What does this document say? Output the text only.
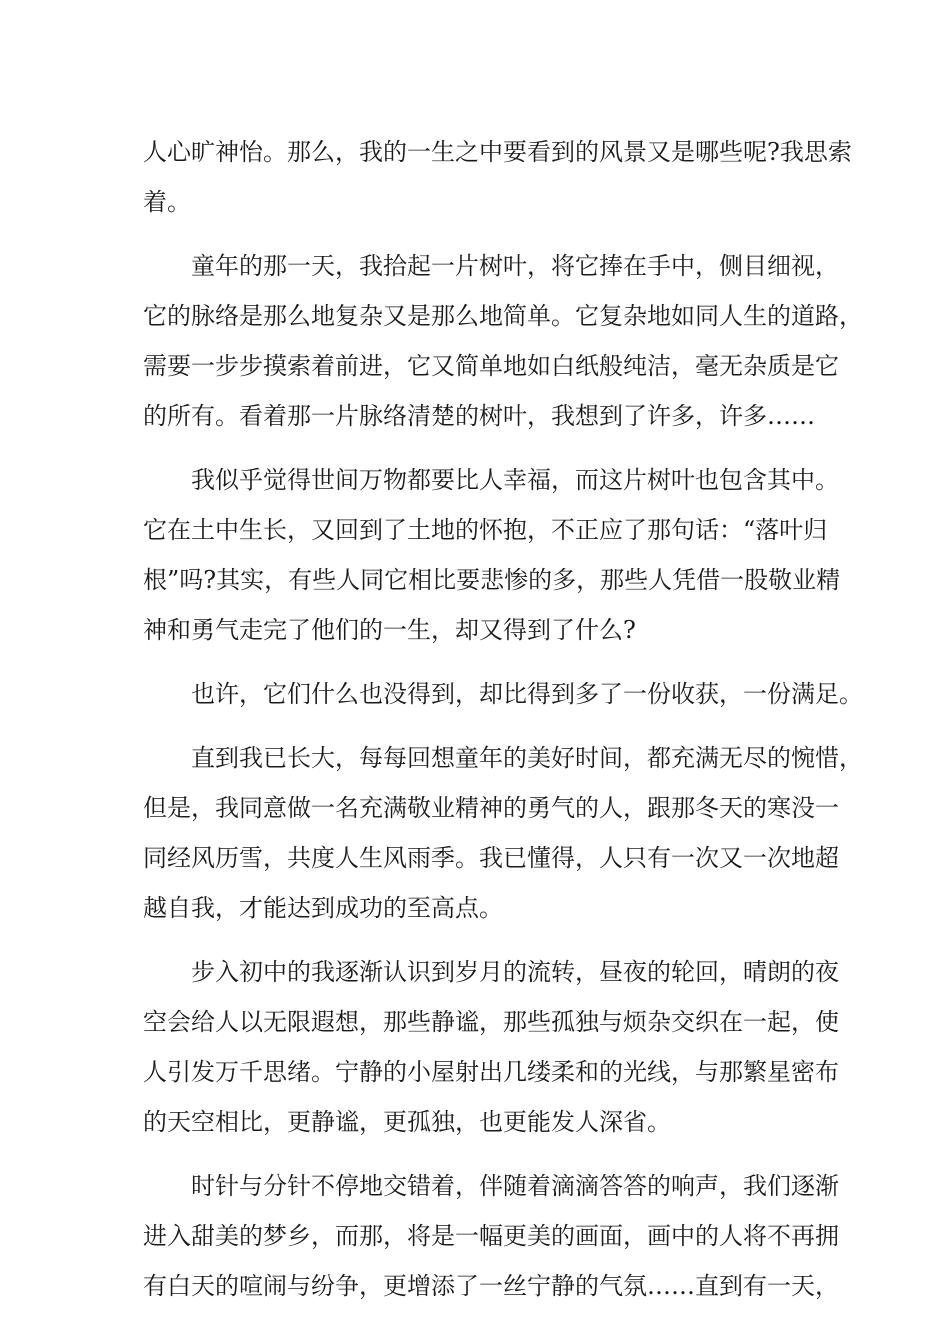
人心旷神怡。那么，我的一生之中要看到的风景又是哪些呢?我思索

着。

童年的那一天，我拾起一片树叶，将它捧在手中，侧目细视，

它的脉络是那么地复杂又是那么地简单。它复杂地如同人生的道路，

需要一步步摸索着前进，它又简单地如白纸般纯洁，毫无杂质是它

的所有。看着那一片脉络清楚的树叶，我想到了许多，许多……

我似乎觉得世间万物都要比人幸福，而这片树叶也包含其中。

它在土中生长，又回到了土地的怀抱，不正应了那句话：“落叶归

根”吗?其实，有些人同它相比要悲惨的多，那些人凭借一股敬业精

神和勇气走完了他们的一生，却又得到了什么?

也许，它们什么也没得到，却比得到多了一份收获，一份满足。

直到我已长大，每每回想童年的美好时间，都充满无尽的惋惜，

但是，我同意做一名充满敬业精神的勇气的人，跟那冬天的寒没一

同经风历雪，共度人生风雨季。我已懂得，人只有一次又一次地超

越自我，才能达到成功的至高点。

步入初中的我逐渐认识到岁月的流转，昼夜的轮回，晴朗的夜

空会给人以无限遐想，那些静谧，那些孤独与烦杂交织在一起，使

人引发万千思绪。宁静的小屋射出几缕柔和的光线，与那繁星密布

的天空相比，更静谧，更孤独，也更能发人深省。

时针与分针不停地交错着，伴随着滴滴答答的响声，我们逐渐

进入甜美的梦乡，而那，将是一幅更美的画面，画中的人将不再拥

有白天的喧闹与纷争，更增添了一丝宁静的气氛……直到有一天，
